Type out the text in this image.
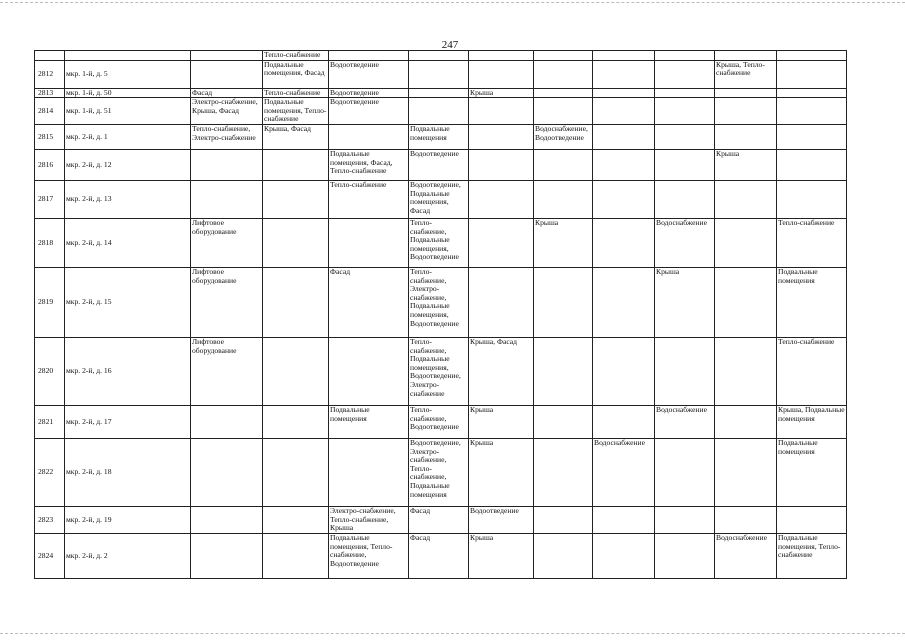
247
			Тепло-снабжение								
2812	мкр. 1-й, д. 5		Подвальные помещения, Фасад	Водоотведение						Крыша, Тепло-снабжение	
2813	мкр. 1-й, д. 50	Фасад	Тепло-снабжение	Водоотведение		Крыша					
2814	мкр. 1-й, д. 51	Электро-снабжение, Крыша, Фасад	Подвальные помещения, Тепло-снабжение	Водоотведение							
2815	мкр. 2-й, д. 1	Тепло-снабжение, Электро-снабжение	Крыша, Фасад		Подвальные помещения		Водоснабжение, Водоотведение				
2816	мкр. 2-й, д. 12			Подвальные помещения, Фасад, Тепло-снабжение	Водоотведение					Крыша	
2817	мкр. 2-й, д. 13			Тепло-снабжение	Водоотведение, Подвальные помещения, Фасад						
2818	мкр. 2-й, д. 14	Лифтовое оборудование			Тепло-снабжение, Подвальные помещения, Водоотведение		Крыша		Водоснабжение		Тепло-снабжение
2819	мкр. 2-й, д. 15	Лифтовое оборудование		Фасад	Тепло-снабжение, Электро-снабжение, Подвальные помещения, Водоотведение				Крыша		Подвальные помещения
2820	мкр. 2-й, д. 16	Лифтовое оборудование			Тепло-снабжение, Подвальные помещения, Водоотведение, Электро-снабжение	Крыша, Фасад					Тепло-снабжение
2821	мкр. 2-й, д. 17			Подвальные помещения	Тепло-снабжение, Водоотведение	Крыша			Водоснабжение		Крыша, Подвальные помещения
2822	мкр. 2-й, д. 18				Водоотведение, Электро-снабжение, Тепло-снабжение, Подвальные помещения	Крыша		Водоснабжение			Подвальные помещения
2823	мкр. 2-й, д. 19			Электро-снабжение, Тепло-снабжение, Крыша	Фасад	Водоотведение					
2824	мкр. 2-й, д. 2			Подвальные помещения, Тепло-снабжение, Водоотведение	Фасад	Крыша				Водоснабжение	Подвальные помещения, Тепло-снабжение
